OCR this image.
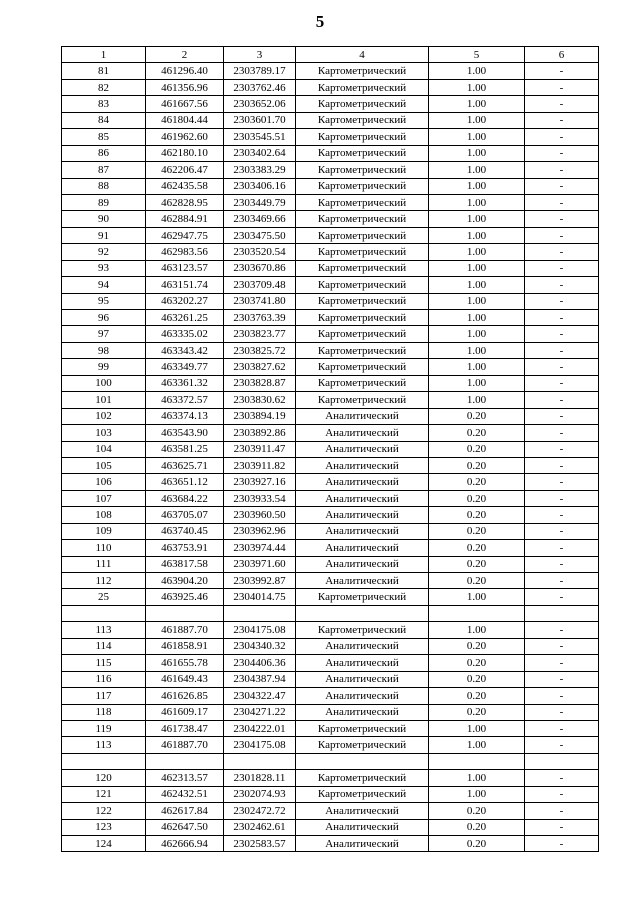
5
1	2	3	4	5	6
81	461296.40	2303789.17	Картометрический	1.00	-
82	461356.96	2303762.46	Картометрический	1.00	-
83	461667.56	2303652.06	Картометрический	1.00	-
84	461804.44	2303601.70	Картометрический	1.00	-
85	461962.60	2303545.51	Картометрический	1.00	-
86	462180.10	2303402.64	Картометрический	1.00	-
87	462206.47	2303383.29	Картометрический	1.00	-
88	462435.58	2303406.16	Картометрический	1.00	-
89	462828.95	2303449.79	Картометрический	1.00	-
90	462884.91	2303469.66	Картометрический	1.00	-
91	462947.75	2303475.50	Картометрический	1.00	-
92	462983.56	2303520.54	Картометрический	1.00	-
93	463123.57	2303670.86	Картометрический	1.00	-
94	463151.74	2303709.48	Картометрический	1.00	-
95	463202.27	2303741.80	Картометрический	1.00	-
96	463261.25	2303763.39	Картометрический	1.00	-
97	463335.02	2303823.77	Картометрический	1.00	-
98	463343.42	2303825.72	Картометрический	1.00	-
99	463349.77	2303827.62	Картометрический	1.00	-
100	463361.32	2303828.87	Картометрический	1.00	-
101	463372.57	2303830.62	Картометрический	1.00	-
102	463374.13	2303894.19	Аналитический	0.20	-
103	463543.90	2303892.86	Аналитический	0.20	-
104	463581.25	2303911.47	Аналитический	0.20	-
105	463625.71	2303911.82	Аналитический	0.20	-
106	463651.12	2303927.16	Аналитический	0.20	-
107	463684.22	2303933.54	Аналитический	0.20	-
108	463705.07	2303960.50	Аналитический	0.20	-
109	463740.45	2303962.96	Аналитический	0.20	-
110	463753.91	2303974.44	Аналитический	0.20	-
111	463817.58	2303971.60	Аналитический	0.20	-
112	463904.20	2303992.87	Аналитический	0.20	-
25	463925.46	2304014.75	Картометрический	1.00	-

113	461887.70	2304175.08	Картометрический	1.00	-
114	461858.91	2304340.32	Аналитический	0.20	-
115	461655.78	2304406.36	Аналитический	0.20	-
116	461649.43	2304387.94	Аналитический	0.20	-
117	461626.85	2304322.47	Аналитический	0.20	-
118	461609.17	2304271.22	Аналитический	0.20	-
119	461738.47	2304222.01	Картометрический	1.00	-
113	461887.70	2304175.08	Картометрический	1.00	-

120	462313.57	2301828.11	Картометрический	1.00	-
121	462432.51	2302074.93	Картометрический	1.00	-
122	462617.84	2302472.72	Аналитический	0.20	-
123	462647.50	2302462.61	Аналитический	0.20	-
124	462666.94	2302583.57	Аналитический	0.20	-
